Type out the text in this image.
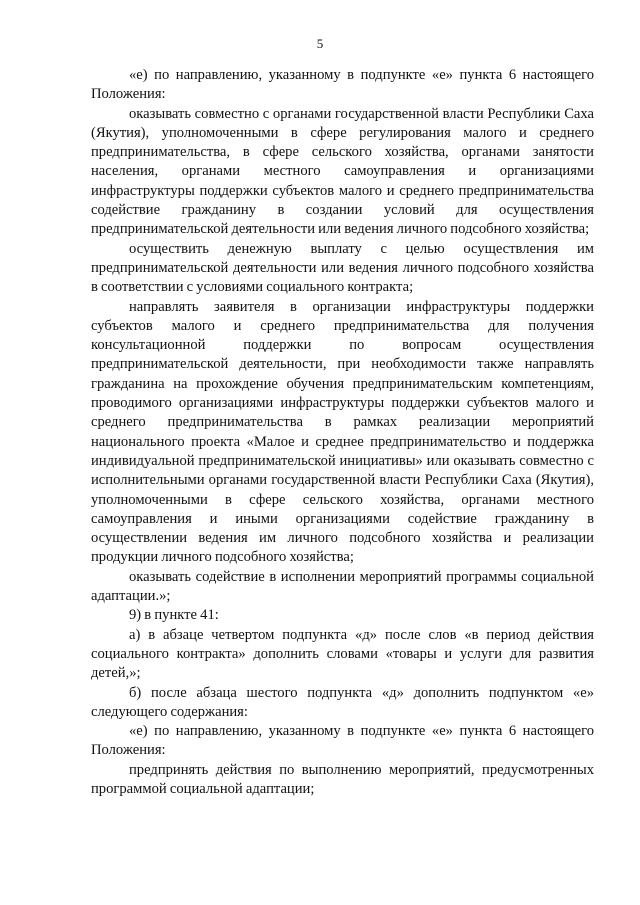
5

«е) по направлению, указанному в подпункте «е» пункта 6 настоящего Положения:

оказывать совместно с органами государственной власти Республики Саха (Якутия), уполномоченными в сфере регулирования малого и среднего предпринимательства, в сфере сельского хозяйства, органами занятости населения, органами местного самоуправления и организациями инфраструктуры поддержки субъектов малого и среднего предпринимательства содействие гражданину в создании условий для осуществления предпринимательской деятельности или ведения личного подсобного хозяйства;

осуществить денежную выплату с целью осуществления им предпринимательской деятельности или ведения личного подсобного хозяйства в соответствии с условиями социального контракта;

направлять заявителя в организации инфраструктуры поддержки субъектов малого и среднего предпринимательства для получения консультационной поддержки по вопросам осуществления предпринимательской деятельности, при необходимости также направлять гражданина на прохождение обучения предпринимательским компетенциям, проводимого организациями инфраструктуры поддержки субъектов малого и среднего предпринимательства в рамках реализации мероприятий национального проекта «Малое и среднее предпринимательство и поддержка индивидуальной предпринимательской инициативы» или оказывать совместно с исполнительными органами государственной власти Республики Саха (Якутия), уполномоченными в сфере сельского хозяйства, органами местного самоуправления и иными организациями содействие гражданину в осуществлении ведения им личного подсобного хозяйства и реализации продукции личного подсобного хозяйства;

оказывать содействие в исполнении мероприятий программы социальной адаптации.»;

9) в пункте 41:

а) в абзаце четвертом подпункта «д» после слов «в период действия социального контракта» дополнить словами «товары и услуги для развития детей,»;

б) после абзаца шестого подпункта «д» дополнить подпунктом «е» следующего содержания:

«е) по направлению, указанному в подпункте «е» пункта 6 настоящего Положения:

предпринять действия по выполнению мероприятий, предусмотренных программой социальной адаптации;
